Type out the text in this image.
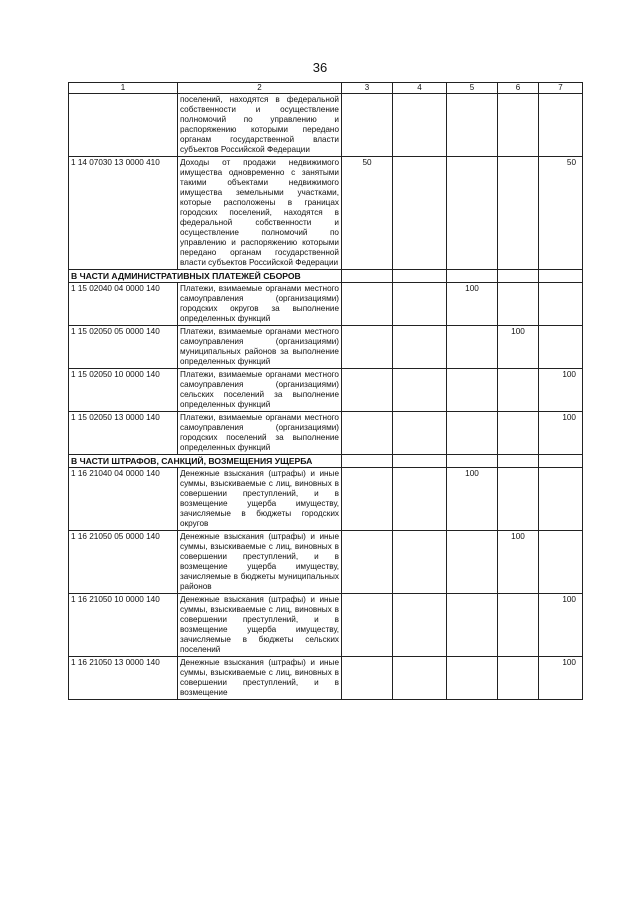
36
1	2	3	4	5	6	7
	поселений, находятся в федеральной собственности и осуществление полномочий по управлению и распоряжению которыми передано органам государственной власти субъектов Российской Федерации					
1 14 07030 13 0000 410	Доходы от продажи недвижимого имущества одновременно с занятыми такими объектами недвижимого имущества земельными участками, которые расположены в границах городских поселений, находятся в федеральной собственности и осуществление полномочий по управлению и распоряжению которыми передано органам государственной власти субъектов Российской Федерации	50				50
В ЧАСТИ АДМИНИСТРАТИВНЫХ ПЛАТЕЖЕЙ СБОРОВ						
1 15 02040 04 0000 140	Платежи, взимаемые органами местного самоуправления (организациями) городских округов за выполнение определенных функций			100		
1 15 02050 05 0000 140	Платежи, взимаемые органами местного самоуправления (организациями) муниципальных районов за выполнение определенных функций				100	
1 15 02050 10 0000 140	Платежи, взимаемые органами местного самоуправления (организациями) сельских поселений за выполнение определенных функций					100
1 15 02050 13 0000 140	Платежи, взимаемые органами местного самоуправления (организациями) городских поселений за выполнение определенных функций					100
В ЧАСТИ ШТРАФОВ, САНКЦИЙ, ВОЗМЕЩЕНИЯ УЩЕРБА						
1 16 21040 04 0000 140	Денежные взыскания (штрафы) и иные суммы, взыскиваемые с лиц, виновных в совершении преступлений, и в возмещение ущерба имуществу, зачисляемые в бюджеты городских округов			100		
1 16 21050 05 0000 140	Денежные взыскания (штрафы) и иные суммы, взыскиваемые с лиц, виновных в совершении преступлений, и в возмещение ущерба имуществу, зачисляемые в бюджеты муниципальных районов				100	
1 16 21050 10 0000 140	Денежные взыскания (штрафы) и иные суммы, взыскиваемые с лиц, виновных в совершении преступлений, и в возмещение ущерба имуществу, зачисляемые в бюджеты сельских поселений					100
1 16 21050 13 0000 140	Денежные взыскания (штрафы) и иные суммы, взыскиваемые с лиц, виновных в совершении преступлений, и в возмещение					100
